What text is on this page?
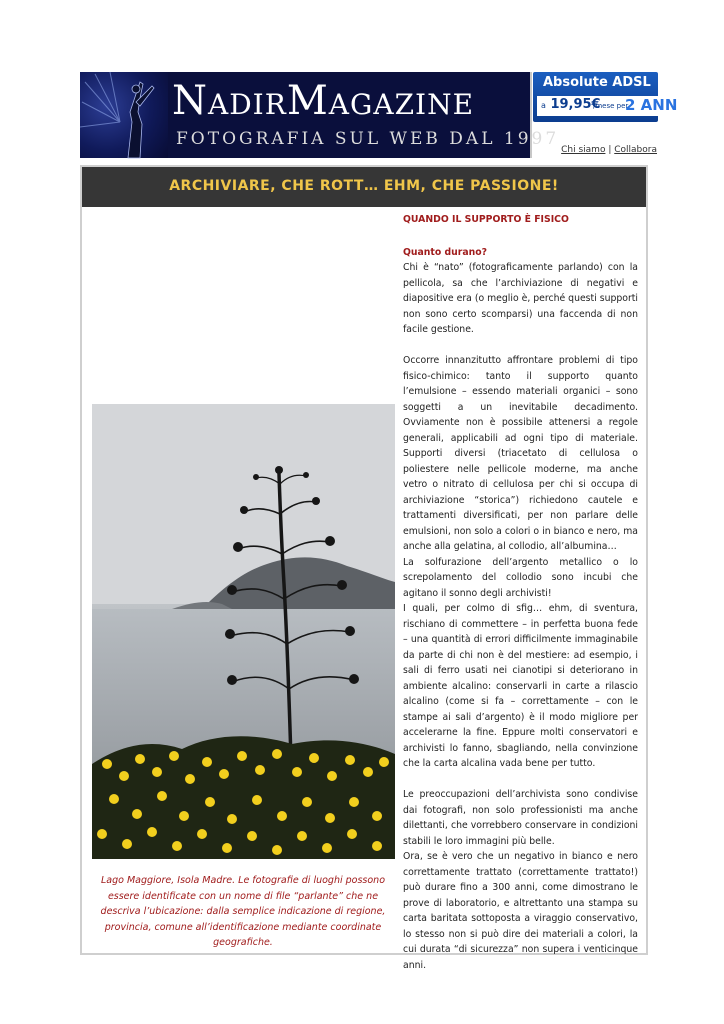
NadirMagazine
FOTOGRAFIA SUL WEB DAL 1997
Absolute ADSL
a 19,95€
/mese per
2 ANN
Chi siamo | Collabora
ARCHIVIARE, CHE ROTT… EHM, CHE PASSIONE!
Lago Maggiore, Isola Madre. Le fotografie di luoghi possono essere identificate con un nome di file “parlante” che ne descriva l’ubicazione: dalla semplice indicazione di regione, provincia, comune all’identificazione mediante coordinate geografiche.
QUANDO IL SUPPORTO È FISICO
Quanto durano?

Chi è “nato” (fotograficamente parlando) con la pellicola, sa che l’archiviazione di negativi e diapositive era (o meglio è, perché questi supporti non sono certo scomparsi) una faccenda di non facile gestione.

Occorre innanzitutto affrontare problemi di tipo fisico-chimico: tanto il supporto quanto l’emulsione – essendo materiali organici – sono soggetti a un inevitabile decadimento. Ovviamente non è possibile attenersi a regole generali, applicabili ad ogni tipo di materiale. Supporti diversi (triacetato di cellulosa o poliestere nelle pellicole moderne, ma anche vetro o nitrato di cellulosa per chi si occupa di archiviazione “storica”) richiedono cautele e trattamenti diversificati, per non parlare delle emulsioni, non solo a colori o in bianco e nero, ma anche alla gelatina, al collodio, all’albumina…

La solfurazione dell’argento metallico o lo screpolamento del collodio sono incubi che agitano il sonno degli archivisti!

I quali, per colmo di sfig… ehm, di sventura, rischiano di commettere – in perfetta buona fede – una quantità di errori difficilmente immaginabile da parte di chi non è del mestiere: ad esempio, i sali di ferro usati nei cianotipi si deteriorano in ambiente alcalino: conservarli in carte a rilascio alcalino (come si fa – correttamente – con le stampe ai sali d’argento) è il modo migliore per accelerarne la fine. Eppure molti conservatori e archivisti lo fanno, sbagliando, nella convinzione che la carta alcalina vada bene per tutto.

Le preoccupazioni dell’archivista sono condivise dai fotografi, non solo professionisti ma anche dilettanti, che vorrebbero conservare in condizioni stabili le loro immagini più belle.

Ora, se è vero che un negativo in bianco e nero correttamente trattato (correttamente trattato!) può durare fino a 300 anni, come dimostrano le prove di laboratorio, e altrettanto una stampa su carta baritata sottoposta a viraggio conservativo, lo stesso non si può dire dei materiali a colori, la cui durata “di sicurezza” non supera i venticinque anni.
